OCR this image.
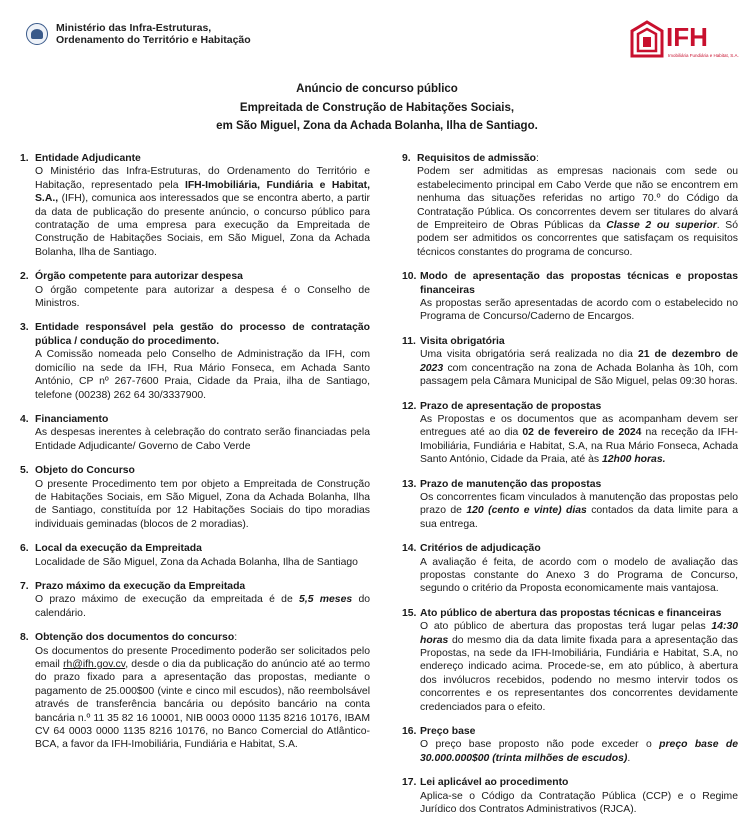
Ministério das Infra-Estruturas,
Ordenamento do Território e Habitação	IFH
Imobiliária Fundiária e Habitat, S.A.
Anúncio de concurso público
Empreitada de Construção de Habitações Sociais,
em São Miguel, Zona da Achada Bolanha, Ilha de Santiago.
1. Entidade Adjudicante
O Ministério das Infra-Estruturas, do Ordenamento do Território e Habitação, representado pela IFH-Imobiliária, Fundiária e Habitat, S.A., (IFH), comunica aos interessados que se encontra aberto, a partir da data de publicação do presente anúncio, o concurso público para contratação de uma empresa para execução da Empreitada de Construção de Habitações Sociais, em São Miguel, Zona da Achada Bolanha, Ilha de Santiago.
2. Órgão competente para autorizar despesa
O órgão competente para autorizar a despesa é o Conselho de Ministros.
3. Entidade responsável pela gestão do processo de contratação pública / condução do procedimento.
A Comissão nomeada pelo Conselho de Administração da IFH, com domicílio na sede da IFH, Rua Mário Fonseca, em Achada Santo António, CP nº 267-7600 Praia, Cidade da Praia, ilha de Santiago, telefone (00238) 262 64 30/3337900.
4. Financiamento
As despesas inerentes à celebração do contrato serão financiadas pela Entidade Adjudicante/ Governo de Cabo Verde
5. Objeto do Concurso
O presente Procedimento tem por objeto a Empreitada de Construção de Habitações Sociais, em São Miguel, Zona da Achada Bolanha, Ilha de Santiago, constituída por 12 Habitações Sociais do tipo moradias individuais geminadas (blocos de 2 moradias).
6. Local da execução da Empreitada
Localidade de São Miguel, Zona da Achada Bolanha, Ilha de Santiago
7. Prazo máximo da execução da Empreitada
O prazo máximo de execução da empreitada é de 5,5 meses do calendário.
8. Obtenção dos documentos do concurso:
Os documentos do presente Procedimento poderão ser solicitados pelo email rh@ifh.gov.cv, desde o dia da publicação do anúncio até ao termo do prazo fixado para a apresentação das propostas, mediante o pagamento de 25.000$00 (vinte e cinco mil escudos), não reembolsável através de transferência bancária ou depósito bancário na conta bancária n.º 11 35 82 16 10001, NIB 0003 0000 1135 8216 10176, IBAM CV 64 0003 0000 1135 8216 10176, no Banco Comercial do Atlântico-BCA, a favor da IFH-Imobiliária, Fundiária e Habitat, S.A.
9. Requisitos de admissão:
Podem ser admitidas as empresas nacionais com sede ou estabelecimento principal em Cabo Verde que não se encontrem em nenhuma das situações referidas no artigo 70.º do Código da Contratação Pública. Os concorrentes devem ser titulares do alvará de Empreiteiro de Obras Públicas da Classe 2 ou superior. Só podem ser admitidos os concorrentes que satisfaçam os requisitos técnicos constantes do programa de concurso.
10. Modo de apresentação das propostas técnicas e propostas financeiras
As propostas serão apresentadas de acordo com o estabelecido no Programa de Concurso/Caderno de Encargos.
11. Visita obrigatória
Uma visita obrigatória será realizada no dia 21 de dezembro de 2023 com concentração na zona de Achada Bolanha às 10h, com passagem pela Câmara Municipal de São Miguel, pelas 09:30 horas.
12. Prazo de apresentação de propostas
As Propostas e os documentos que as acompanham devem ser entregues até ao dia 02 de fevereiro de 2024 na receção da IFH-Imobiliária, Fundiária e Habitat, S.A, na Rua Mário Fonseca, Achada Santo António, Cidade da Praia, até às 12h00 horas.
13. Prazo de manutenção das propostas
Os concorrentes ficam vinculados à manutenção das propostas pelo prazo de 120 (cento e vinte) dias contados da data limite para a sua entrega.
14. Critérios de adjudicação
A avaliação é feita, de acordo com o modelo de avaliação das propostas constante do Anexo 3 do Programa de Concurso, segundo o critério da Proposta economicamente mais vantajosa.
15. Ato público de abertura das propostas técnicas e financeiras
O ato público de abertura das propostas terá lugar pelas 14:30 horas do mesmo dia da data limite fixada para a apresentação das Propostas, na sede da IFH-Imobiliária, Fundiária e Habitat, S.A, no endereço indicado acima. Procede-se, em ato público, à abertura dos invólucros recebidos, podendo no mesmo intervir todos os concorrentes e os representantes dos concorrentes devidamente credenciados para o efeito.
16. Preço base
O preço base proposto não pode exceder o preço base de 30.000.000$00 (trinta milhões de escudos).
17. Lei aplicável ao procedimento
Aplica-se o Código da Contratação Pública (CCP) e o Regime Jurídico dos Contratos Administrativos (RJCA).
